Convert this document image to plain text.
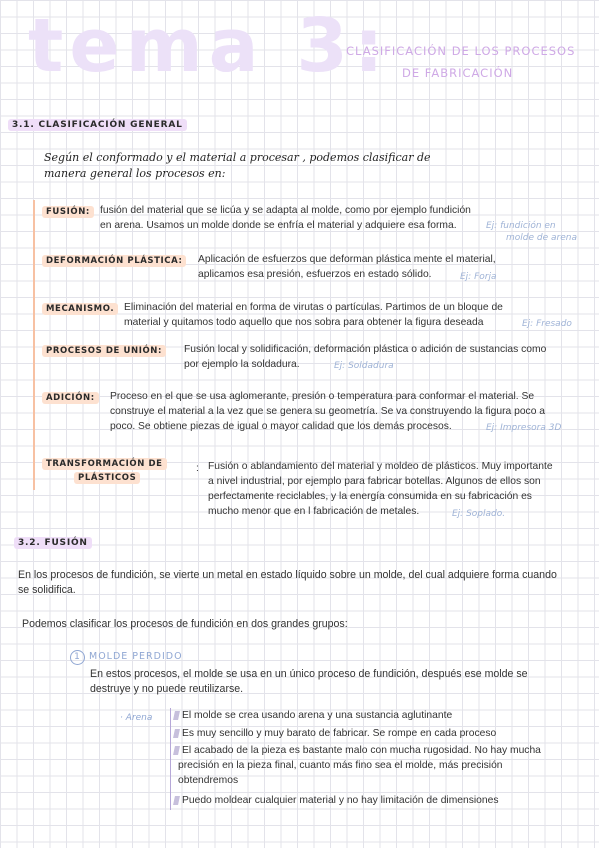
tema 3:
CLASIFICACIÓN DE LOS PROCESOS
DE FABRICACIÓN
3.1. CLASIFICACIÓN GENERAL
Según el conformado y el material a procesar , podemos clasificar de
manera general los procesos en:
FUSIÓN: fusión del material que se licúa y se adapta al molde, como por ejemplo fundición
en arena. Usamos un molde donde se enfría el material y adquiere esa forma.	Ej: fundición en
molde de arena
DEFORMACIÓN PLÁSTICA:	Aplicación de esfuerzos que deforman plástica mente el material,
aplicamos esa presión, esfuerzos en estado sólido.	Ej: Forja
MECANISMO. Eliminación del material en forma de virutas o partículas. Partimos de un bloque de
material y quitamos todo aquello que nos sobra para obtener la figura deseada	Ej: Fresado
PROCESOS DE UNIÓN:	Fusión local y solidificación, deformación plástica o adición de sustancias como
por ejemplo la soldadura.	Ej: Soldadura
ADICIÓN:	Proceso en el que se usa aglomerante, presión o temperatura para conformar el material. Se
construye el material a la vez que se genera su geometría. Se va construyendo la figura poco a
poco. Se obtiene piezas de igual o mayor calidad que los demás procesos.	Ej: Impresora 3D
TRANSFORMACIÓN DE
PLÁSTICOS
: Fusión o ablandamiento del material y moldeo de plásticos. Muy importante
a nivel industrial, por ejemplo para fabricar botellas. Algunos de ellos son
perfectamente reciclables, y la energía consumida en su fabricación es
mucho menor que en l fabricación de metales.	Ej: Soplado.
3.2. FUSIÓN
En los procesos de fundición, se vierte un metal en estado líquido sobre un molde, del cual adquiere forma cuando
se solidifica.
Podemos clasificar los procesos de fundición en dos grandes grupos:
1 MOLDE PERDIDO
En estos procesos, el molde se usa en un único proceso de fundición, después ese molde se
destruye y no puede reutilizarse.
· Arena	El molde se crea usando arena y una sustancia aglutinante
Es muy sencillo y muy barato de fabricar. Se rompe en cada proceso
El acabado de la pieza es bastante malo con mucha rugosidad. No hay mucha
precisión en la pieza final, cuanto más fino sea el molde, más precisión
obtendremos
Puedo moldear cualquier material y no hay limitación de dimensiones
